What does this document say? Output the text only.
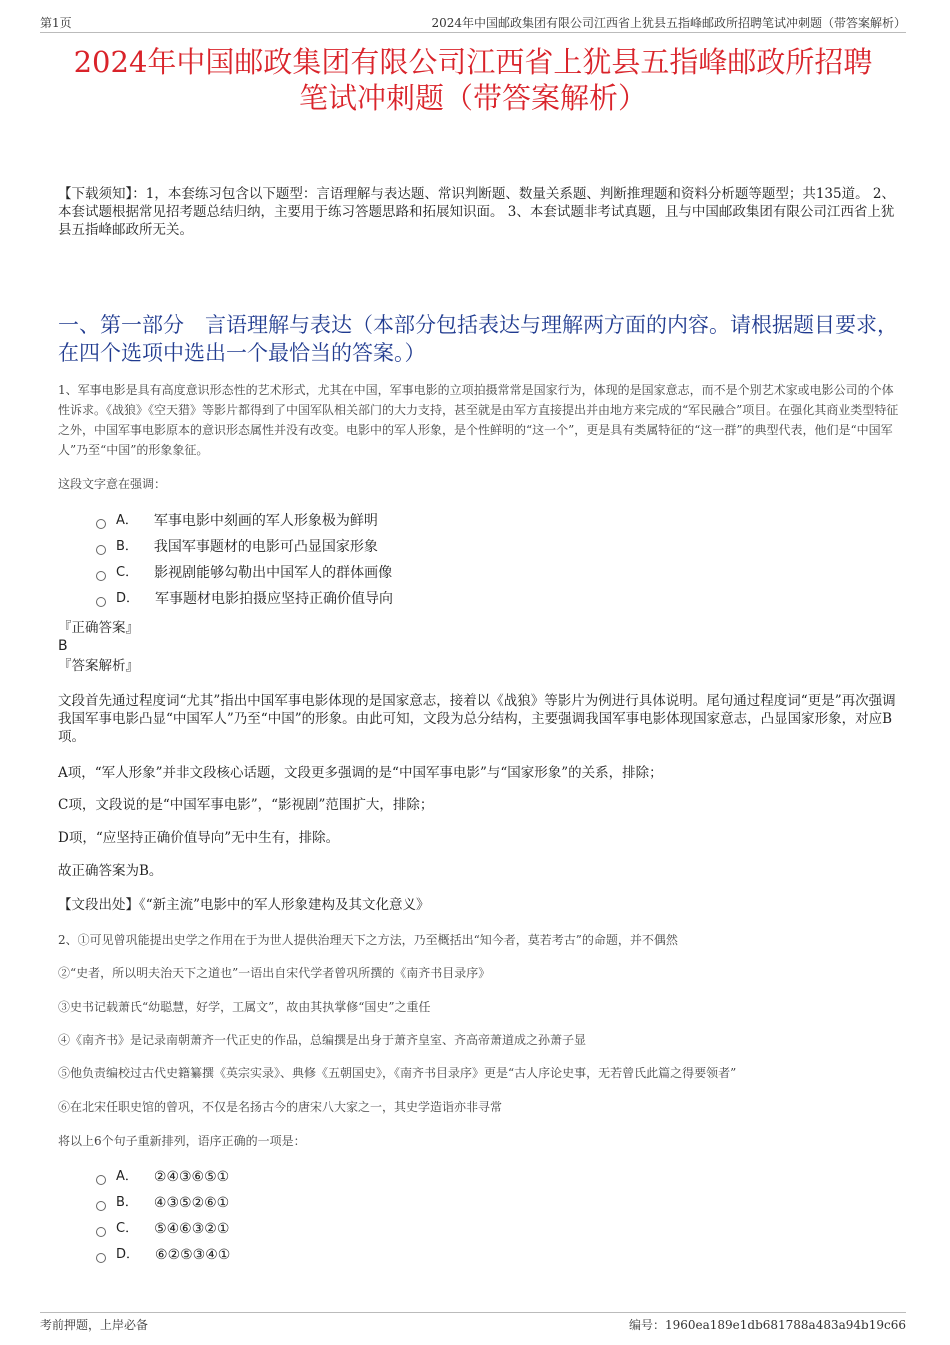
第1页	2024年中国邮政集团有限公司江西省上犹县五指峰邮政所招聘笔试冲刺题（带答案解析）
2024年中国邮政集团有限公司江西省上犹县五指峰邮政所招聘
笔试冲刺题（带答案解析）
【下载须知】：1，本套练习包含以下题型：言语理解与表达题、常识判断题、数量关系题、判断推理题和资料分析题等题型；共135道。 2、本套试题根据常见招考题总结归纳，主要用于练习答题思路和拓展知识面。 3、本套试题非考试真题，且与中国邮政集团有限公司江西省上犹县五指峰邮政所无关。
一、第一部分　言语理解与表达（本部分包括表达与理解两方面的内容。请根据题目要求，在四个选项中选出一个最恰当的答案。）
1、军事电影是具有高度意识形态性的艺术形式，尤其在中国，军事电影的立项拍摄常常是国家行为，体现的是国家意志，而不是个别艺术家或电影公司的个体性诉求。《战狼》《空天猎》等影片都得到了中国军队相关部门的大力支持，甚至就是由军方直接提出并由地方来完成的“军民融合”项目。在强化其商业类型特征之外，中国军事电影原本的意识形态属性并没有改变。电影中的军人形象，是个性鲜明的“这一个”，更是具有类属特征的“这一群”的典型代表，他们是“中国军人”乃至“中国”的形象象征。
这段文字意在强调：
A． 军事电影中刻画的军人形象极为鲜明
B． 我国军事题材的电影可凸显国家形象
C． 影视剧能够勾勒出中国军人的群体画像
D． 军事题材电影拍摄应坚持正确价值导向
『正确答案』
B
『答案解析』
文段首先通过程度词“尤其”指出中国军事电影体现的是国家意志，接着以《战狼》等影片为例进行具体说明。尾句通过程度词“更是”再次强调我国军事电影凸显“中国军人”乃至“中国”的形象。由此可知，文段为总分结构，主要强调我国军事电影体现国家意志，凸显国家形象，对应B项。
A项，“军人形象”并非文段核心话题，文段更多强调的是“中国军事电影”与“国家形象”的关系，排除；
C项，文段说的是“中国军事电影”，“影视剧”范围扩大，排除；
D项，“应坚持正确价值导向”无中生有，排除。
故正确答案为B。
【文段出处】《“新主流”电影中的军人形象建构及其文化意义》
2、①可见曾巩能提出史学之作用在于为世人提供治理天下之方法，乃至概括出“知今者，莫若考古”的命题，并不偶然
②“史者，所以明夫治天下之道也”一语出自宋代学者曾巩所撰的《南齐书目录序》
③史书记载萧氏“幼聪慧，好学，工属文”，故由其执掌修“国史”之重任
④《南齐书》是记录南朝萧齐一代正史的作品，总编撰是出身于萧齐皇室、齐高帝萧道成之孙萧子显
⑤他负责编校过古代史籍纂撰《英宗实录》、典修《五朝国史》，《南齐书目录序》更是“古人序论史事，无若曾氏此篇之得要领者”
⑥在北宋任职史馆的曾巩，不仅是名扬古今的唐宋八大家之一，其史学造诣亦非寻常
将以上6个句子重新排列，语序正确的一项是：
A． ②④③⑥⑤①
B． ④③⑤②⑥①
C． ⑤④⑥③②①
D． ⑥②⑤③④①
考前押题，上岸必备	编号：1960ea189e1db681788a483a94b19c66
